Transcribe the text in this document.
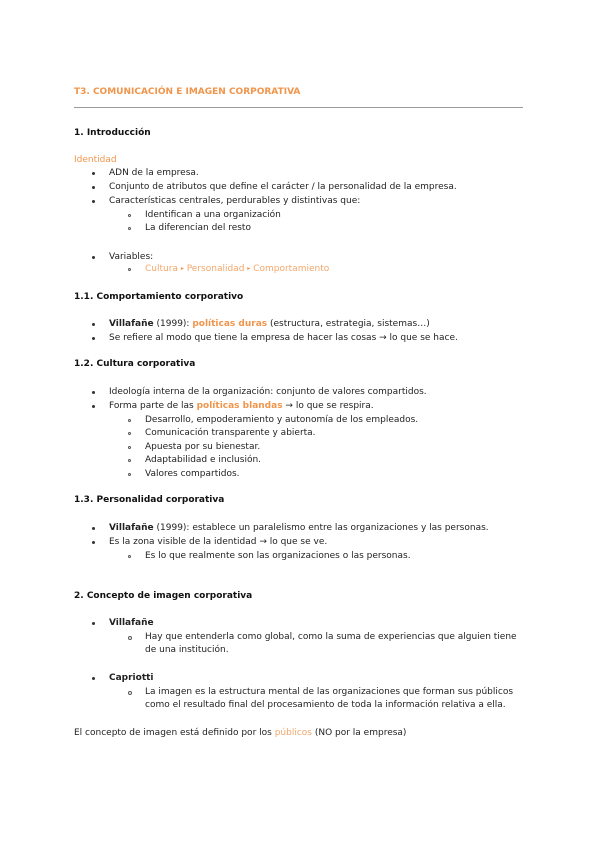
T3. COMUNICACIÓN E IMAGEN CORPORATIVA
1. Introducción
Identidad
ADN de la empresa.
Conjunto de atributos que define el carácter / la personalidad de la empresa.
Características centrales, perdurables y distintivas que:
Identifican a una organización
La diferencian del resto
Variables:
Cultura ▸ Personalidad ▸ Comportamiento
1.1. Comportamiento corporativo
Villafañe (1999): políticas duras (estructura, estrategia, sistemas…)
Se refiere al modo que tiene la empresa de hacer las cosas → lo que se hace.
1.2. Cultura corporativa
Ideología interna de la organización: conjunto de valores compartidos.
Forma parte de las políticas blandas → lo que se respira.
Desarrollo, empoderamiento y autonomía de los empleados.
Comunicación transparente y abierta.
Apuesta por su bienestar.
Adaptabilidad e inclusión.
Valores compartidos.
1.3. Personalidad corporativa
Villafañe (1999): establece un paralelismo entre las organizaciones y las personas.
Es la zona visible de la identidad → lo que se ve.
Es lo que realmente son las organizaciones o las personas.
2. Concepto de imagen corporativa
Villafañe
Hay que entenderla como global, como la suma de experiencias que alguien tiene
de una institución.
Capriotti
La imagen es la estructura mental de las organizaciones que forman sus públicos
como el resultado final del procesamiento de toda la información relativa a ella.
El concepto de imagen está definido por los públicos (NO por la empresa)
